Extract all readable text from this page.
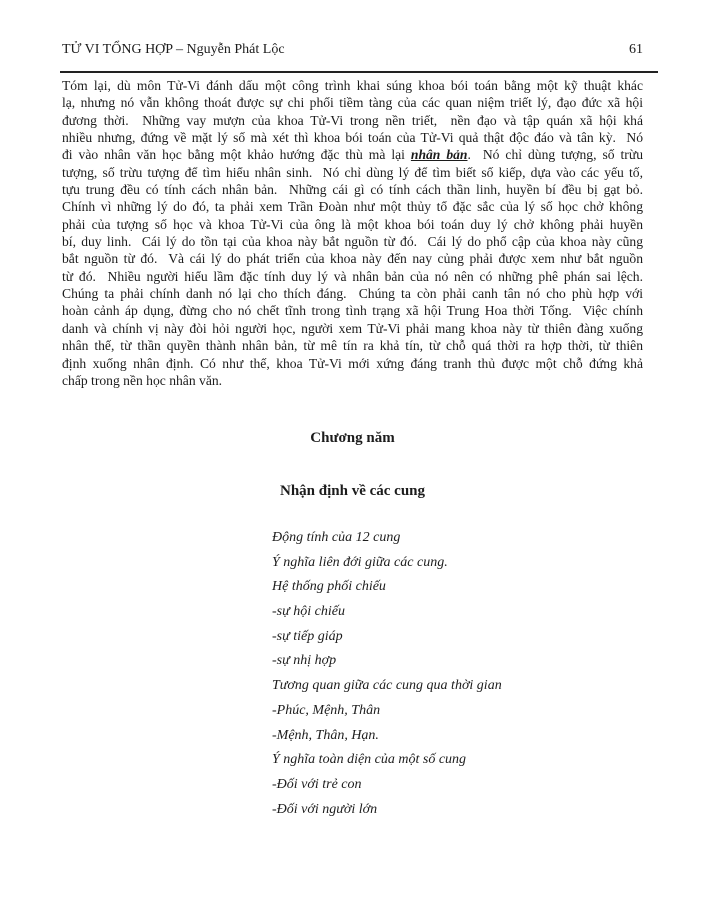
TỬ VI TỔNG HỢP – Nguyễn Phát Lộc	61
Tóm lại, dù môn Tử-Vi đánh dấu một công trình khai súng khoa bói toán bằng một kỹ thuật khác
lạ, nhưng nó vẫn không thoát được sự chi phối tiềm tàng của các quan niệm triết lý, đạo đức xã hội
đương thời.  Những vay mượn của khoa Tử-Vi trong nền triết,  nền đạo và tập quán xã hội khá
nhiều nhưng, đứng về mặt lý số mà xét thì khoa bói toán của Tử-Vi quả thật độc đáo và tân kỳ.  Nó
đi vào nhân văn học bằng một khảo hướng đặc thù mà lại nhân bản.  Nó chỉ dùng tượng, số trừu
tượng, số trừu tượng để tìm hiểu nhân sinh.  Nó chỉ dùng lý để tìm biết số kiếp, dựa vào các yếu tố,
tựu trung đều có tính cách nhân bản.  Những cái gì có tính cách thần linh, huyền bí đều bị gạt bỏ.
Chính vì những lý do đó, ta phải xem Trần Đoàn như một thủy tổ đặc sắc của lý số học chở không
phải của tượng số học và khoa Tử-Vi của ông là một khoa bói toán duy lý chở không phải huyền
bí, duy linh.  Cái lý do tồn tại của khoa này bắt nguồn từ đó.  Cái lý do phổ cập của khoa này cũng
bắt nguồn từ đó.  Và cái lý do phát triển của khoa này đến nay củng phải được xem như bắt nguồn
từ đó.  Nhiều người hiểu lầm đặc tính duy lý và nhân bản của nó nên có những phê phán sai lệch.
Chúng ta phải chính danh nó lại cho thích đáng.  Chúng ta còn phải canh tân nó cho phù hợp với
hoàn cảnh áp dụng, đừng cho nó chết tĩnh trong tình trạng xã hội Trung Hoa thời Tống.  Việc chính
danh và chính vị này đòi hỏi người học, người xem Tử-Vi phải mang khoa này từ thiên đàng xuống
nhân thế, từ thần quyền thành nhân bản, từ mê tín ra khả tín, từ chỗ quá thời ra hợp thời, từ thiên
định xuống nhân định. Có như thế, khoa Tử-Vi mới xứng đáng tranh thủ được một chỗ đứng khả
chấp trong nền học nhân văn.
Chương năm
Nhận định về các cung
Động tính của 12 cung
Ý nghĩa liên đới giữa các cung.
Hệ thống phối chiếu
-sự hội chiếu
-sự tiếp giáp
-sự nhị hợp
Tương quan giữa các cung qua thời gian
-Phúc, Mệnh, Thân
-Mệnh, Thân, Hạn.
Ý nghĩa toàn diện của một số cung
-Đối với trẻ con
-Đối với người lớn
